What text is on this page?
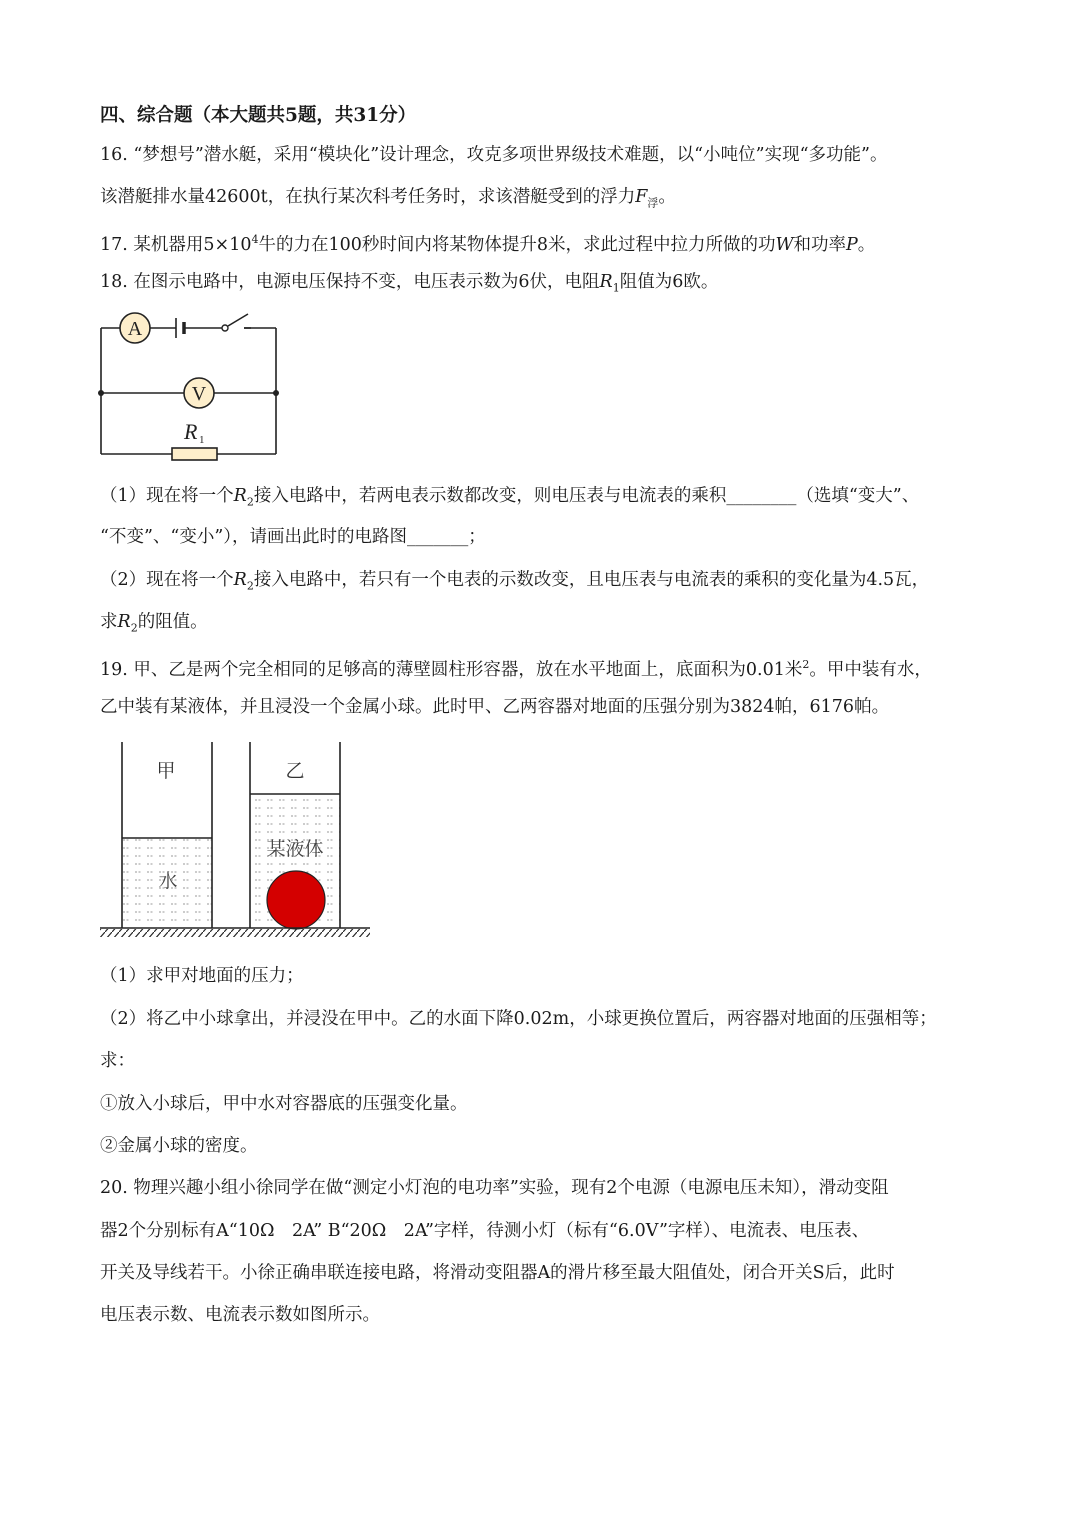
四、综合题（本大题共5题，共31分）
16. “梦想号”潜水艇，采用“模块化”设计理念，攻克多项世界级技术难题，以“小吨位”实现“多功能”。
该潜艇排水量42600t，在执行某次科考任务时，求该潜艇受到的浮力$F_浮$。
17. 某机器用$5\times 10^4$牛的力在100秒时间内将某物体提升8米，求此过程中拉力所做的功W和功率P。
18. 在图示电路中，电源电压保持不变，电压表示数为6伏，电阻$R_1$阻值为6欧。
A
V
R 1
（1）现在将一个$R_2$接入电路中，若两电表示数都改变，则电压表与电流表的乘积________（选填“变大”、
“不变”、“变小”），请画出此时的电路图_______；
（2）现在将一个$R_2$接入电路中，若只有一个电表的示数改变，且电压表与电流表的乘积的变化量为4.5瓦，
求$R_2$的阻值。
19. 甲、乙是两个完全相同的足够高的薄壁圆柱形容器，放在水平地面上，底面积为0.01米$^2$。甲中装有水，
乙中装有某液体，并且浸没一个金属小球。此时甲、乙两容器对地面的压强分别为3824帕，6176帕。
甲	乙
水
某液体
（1）求甲对地面的压力；
（2）将乙中小球拿出，并浸没在甲中。乙的水面下降0.02m，小球更换位置后，两容器对地面的压强相等；
求：
①放入小球后，甲中水对容器底的压强变化量。
②金属小球的密度。
20. 物理兴趣小组小徐同学在做“测定小灯泡的电功率”实验，现有2个电源（电源电压未知），滑动变阻
器2个分别标有A“10Ω　2A” B“20Ω　2A”字样，待测小灯（标有“6.0V”字样）、电流表、电压表、
开关及导线若干。小徐正确串联连接电路，将滑动变阻器A的滑片移至最大阻值处，闭合开关S后，此时
电压表示数、电流表示数如图所示。
